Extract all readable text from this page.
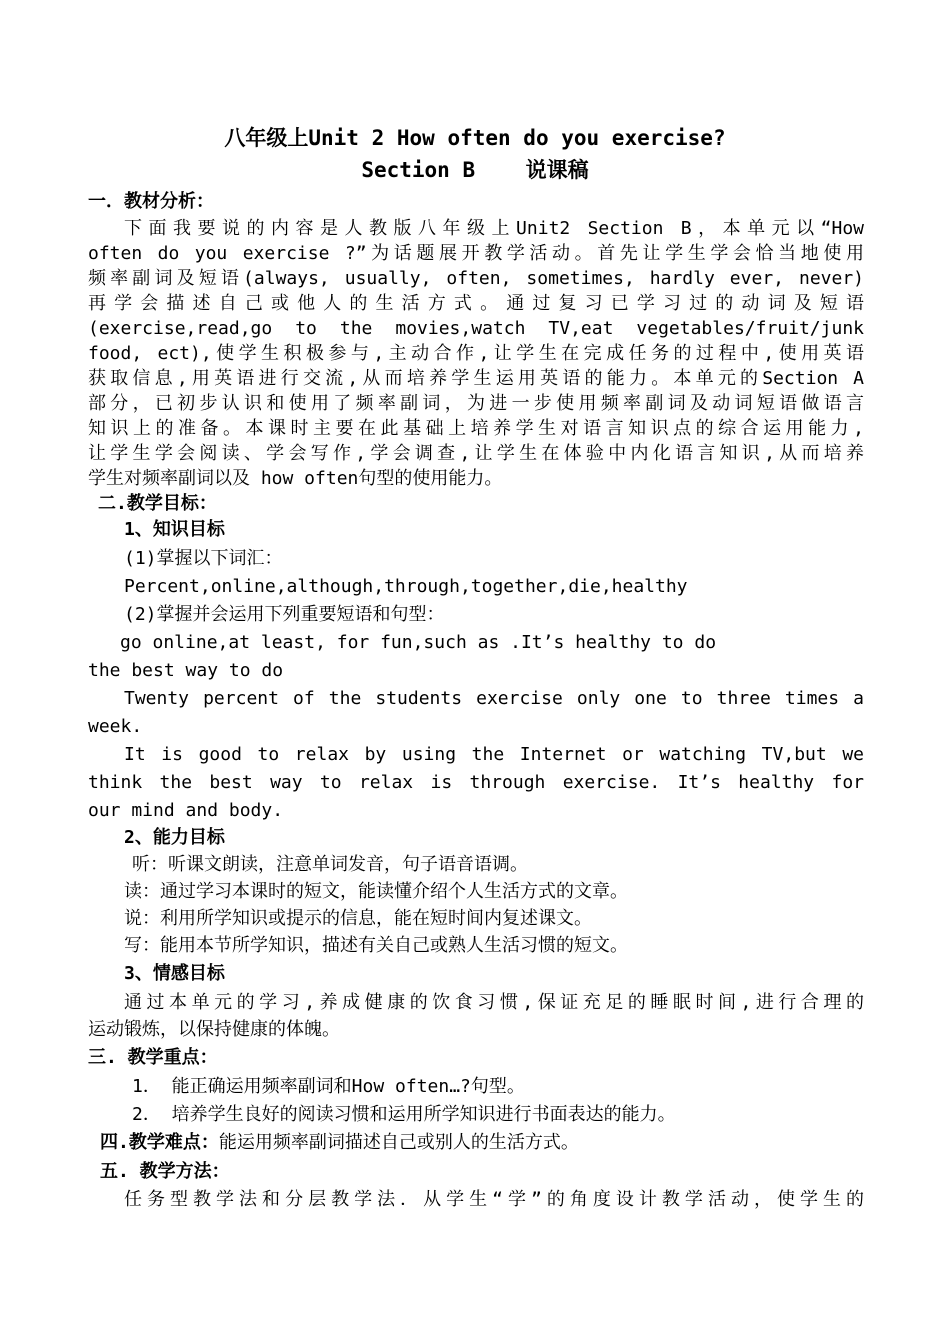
八年级上Unit 2 How often do you exercise?
Section B    说课稿
一．教材分析：
下面我要说的内容是人教版八年级上Unit2 Section B，本单元以“How
often do you exercise ?”为话题展开教学活动。首先让学生学会恰当地使用
频率副词及短语(always, usually, often, sometimes, hardly ever, never)
再学会描述自己或他人的生活方式。通过复习已学习过的动词及短语
(exercise,read,go to the movies,watch TV,eat vegetables/fruit/junk
food, ect),使学生积极参与,主动合作,让学生在完成任务的过程中,使用英语
获取信息,用英语进行交流,从而培养学生运用英语的能力。本单元的Section A
部分，已初步认识和使用了频率副词，为进一步使用频率副词及动词短语做语言
知识上的准备。本课时主要在此基础上培养学生对语言知识点的综合运用能力,
让学生学会阅读、学会写作,学会调查,让学生在体验中内化语言知识,从而培养
学生对频率副词以及 how often句型的使用能力。
二.教学目标：
1、知识目标
(1)掌握以下词汇：
Percent,online,although,through,together,die,healthy
(2)掌握并会运用下列重要短语和句型：
go online,at least, for fun,such as .It’s healthy to do
the best way to do
Twenty percent of the students exercise only one to three times a
week.
It is good to relax by using the Internet or watching TV,but we
think the best way to relax is through exercise. It’s healthy for
our mind and body.
2、能力目标
听：听课文朗读，注意单词发音，句子语音语调。
读：通过学习本课时的短文，能读懂介绍个人生活方式的文章。
说：利用所学知识或提示的信息，能在短时间内复述课文。
写：能用本节所学知识，描述有关自己或熟人生活习惯的短文。
3、情感目标
通过本单元的学习,养成健康的饮食习惯,保证充足的睡眠时间,进行合理的
运动锻炼，以保持健康的体魄。
三. 教学重点：
1． 能正确运用频率副词和How often…?句型。
2． 培养学生良好的阅读习惯和运用所学知识进行书面表达的能力。
四.教学难点：能运用频率副词描述自己或别人的生活方式。
五. 教学方法：
任务型教学法和分层教学法．从学生“学”的角度设计教学活动，使学生的
